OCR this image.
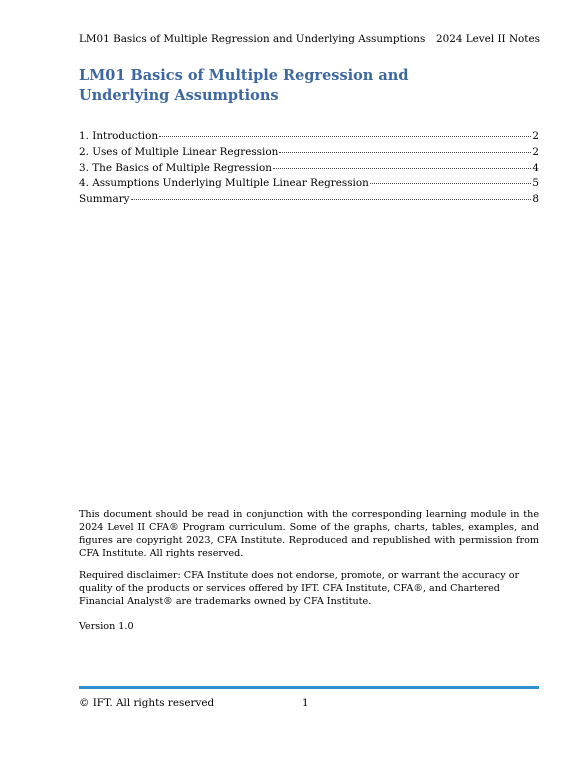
LM01 Basics of Multiple Regression and Underlying Assumptions 2024 Level II Notes
LM01 Basics of Multiple Regression and Underlying Assumptions
1. Introduction	2
2. Uses of Multiple Linear Regression	2
3. The Basics of Multiple Regression	4
4. Assumptions Underlying Multiple Linear Regression	5
Summary	8
This document should be read in conjunction with the corresponding learning module in the 2024 Level II CFA® Program curriculum. Some of the graphs, charts, tables, examples, and figures are copyright 2023, CFA Institute. Reproduced and republished with permission from CFA Institute. All rights reserved.
Required disclaimer: CFA Institute does not endorse, promote, or warrant the accuracy or quality of the products or services offered by IFT. CFA Institute, CFA®, and Chartered Financial Analyst® are trademarks owned by CFA Institute.
Version 1.0
© IFT. All rights reserved	1
